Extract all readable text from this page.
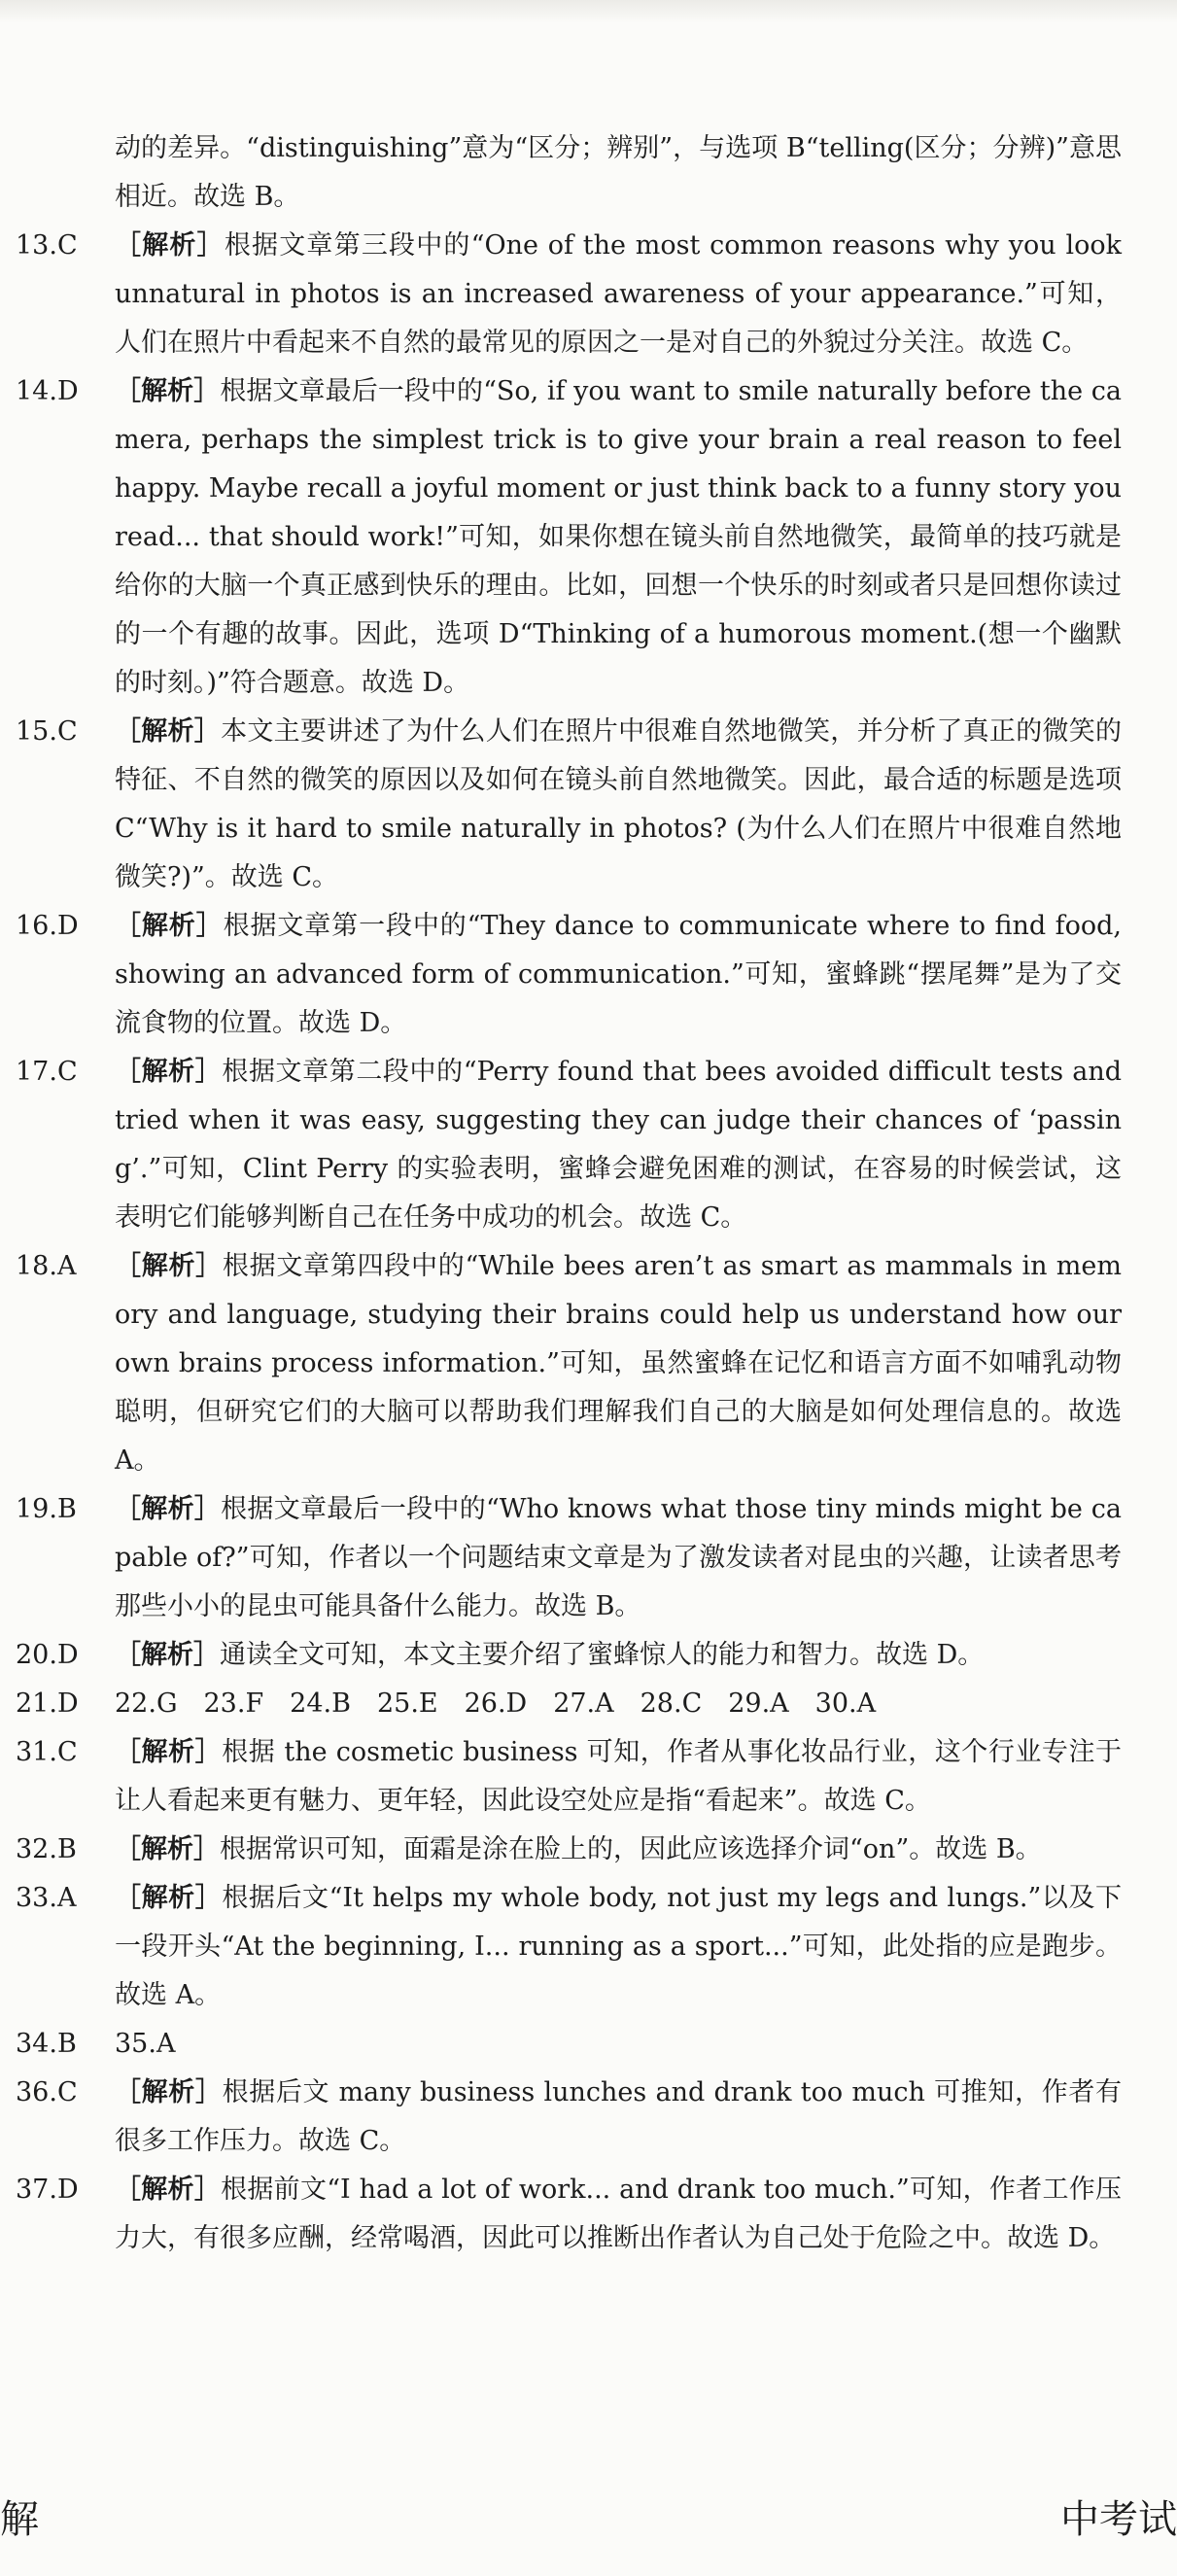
动的差异。“distinguishing”意为“区分；辨别”，与选项 B“telling(区分；分辨)”意思相近。故选 B。
13.C	［解析］根据文章第三段中的“One of the most common reasons why you look unnatural in photos is an increased awareness of your appearance.”可知，人们在照片中看起来不自然的最常见的原因之一是对自己的外貌过分关注。故选 C。
14.D	［解析］根据文章最后一段中的“So, if you want to smile naturally before the camera, perhaps the simplest trick is to give your brain a real reason to feel happy. Maybe recall a joyful moment or just think back to a funny story you read... that should work!”可知，如果你想在镜头前自然地微笑，最简单的技巧就是给你的大脑一个真正感到快乐的理由。比如，回想一个快乐的时刻或者只是回想你读过的一个有趣的故事。因此，选项 D“Thinking of a humorous moment.(想一个幽默的时刻。)”符合题意。故选 D。
15.C	［解析］本文主要讲述了为什么人们在照片中很难自然地微笑，并分析了真正的微笑的特征、不自然的微笑的原因以及如何在镜头前自然地微笑。因此，最合适的标题是选项 C“Why is it hard to smile naturally in photos? (为什么人们在照片中很难自然地微笑?)”。故选 C。
16.D	［解析］根据文章第一段中的“They dance to communicate where to find food, showing an advanced form of communication.”可知，蜜蜂跳“摆尾舞”是为了交流食物的位置。故选 D。
17.C	［解析］根据文章第二段中的“Perry found that bees avoided difficult tests and tried when it was easy, suggesting they can judge their chances of ‘passing’.”可知，Clint Perry 的实验表明，蜜蜂会避免困难的测试，在容易的时候尝试，这表明它们能够判断自己在任务中成功的机会。故选 C。
18.A	［解析］根据文章第四段中的“While bees aren’t as smart as mammals in memory and language, studying their brains could help us understand how our own brains process information.”可知，虽然蜜蜂在记忆和语言方面不如哺乳动物聪明，但研究它们的大脑可以帮助我们理解我们自己的大脑是如何处理信息的。故选 A。
19.B	［解析］根据文章最后一段中的“Who knows what those tiny minds might be capable of?”可知，作者以一个问题结束文章是为了激发读者对昆虫的兴趣，让读者思考那些小小的昆虫可能具备什么能力。故选 B。
20.D	［解析］通读全文可知，本文主要介绍了蜜蜂惊人的能力和智力。故选 D。
21.D	22.G　23.F　24.B　25.E　26.D　27.A　28.C　29.A　30.A
31.C	［解析］根据 the cosmetic business 可知，作者从事化妆品行业，这个行业专注于让人看起来更有魅力、更年轻，因此设空处应是指“看起来”。故选 C。
32.B	［解析］根据常识可知，面霜是涂在脸上的，因此应该选择介词“on”。故选 B。
33.A	［解析］根据后文“It helps my whole body, not just my legs and lungs.”以及下一段开头“At the beginning, I... running as a sport...”可知，此处指的应是跑步。故选 A。
34.B	35.A
36.C	［解析］根据后文 many business lunches and drank too much 可推知，作者有很多工作压力。故选 C。
37.D	［解析］根据前文“I had a lot of work... and drank too much.”可知，作者工作压力大，有很多应酬，经常喝酒，因此可以推断出作者认为自己处于危险之中。故选 D。
解	中考试
